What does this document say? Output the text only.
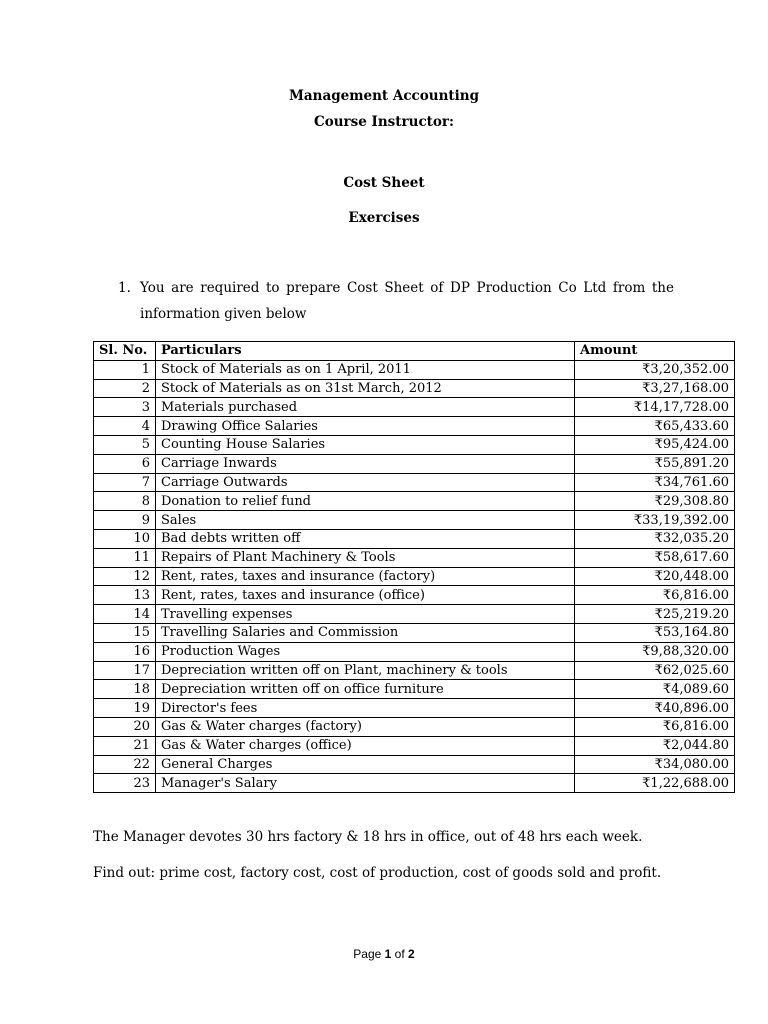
Management Accounting
Course Instructor:
Cost Sheet
Exercises
1. You are required to prepare Cost Sheet of DP Production Co Ltd from the
information given below
Sl. No.	Particulars	Amount
1	Stock of Materials as on 1 April, 2011	₹3,20,352.00
2	Stock of Materials as on 31st March, 2012	₹3,27,168.00
3	Materials purchased	₹14,17,728.00
4	Drawing Office Salaries	₹65,433.60
5	Counting House Salaries	₹95,424.00
6	Carriage Inwards	₹55,891.20
7	Carriage Outwards	₹34,761.60
8	Donation to relief fund	₹29,308.80
9	Sales	₹33,19,392.00
10	Bad debts written off	₹32,035.20
11	Repairs of Plant Machinery & Tools	₹58,617.60
12	Rent, rates, taxes and insurance (factory)	₹20,448.00
13	Rent, rates, taxes and insurance (office)	₹6,816.00
14	Travelling expenses	₹25,219.20
15	Travelling Salaries and Commission	₹53,164.80
16	Production Wages	₹9,88,320.00
17	Depreciation written off on Plant, machinery & tools	₹62,025.60
18	Depreciation written off on office furniture	₹4,089.60
19	Director's fees	₹40,896.00
20	Gas & Water charges (factory)	₹6,816.00
21	Gas & Water charges (office)	₹2,044.80
22	General Charges	₹34,080.00
23	Manager's Salary	₹1,22,688.00
The Manager devotes 30 hrs factory & 18 hrs in office, out of 48 hrs each week.
Find out: prime cost, factory cost, cost of production, cost of goods sold and profit.
Page 1 of 2
